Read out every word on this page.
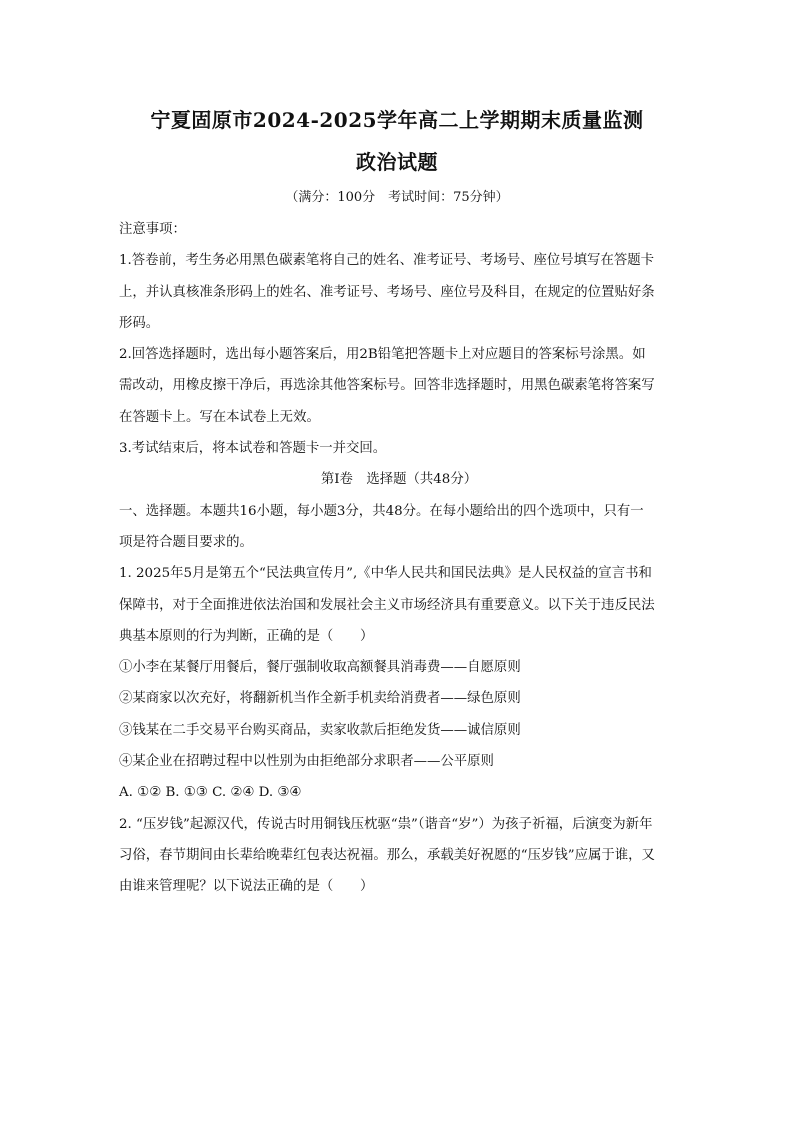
宁夏固原市2024-2025学年高二上学期期末质量监测
政治试题
（满分：100分　考试时间：75分钟）
注意事项：
1.答卷前，考生务必用黑色碳素笔将自己的姓名、准考证号、考场号、座位号填写在答题卡
上，并认真核准条形码上的姓名、准考证号、考场号、座位号及科目，在规定的位置贴好条
形码。
2.回答选择题时，选出每小题答案后，用2B铅笔把答题卡上对应题目的答案标号涂黑。如
需改动，用橡皮擦干净后，再选涂其他答案标号。回答非选择题时，用黑色碳素笔将答案写
在答题卡上。写在本试卷上无效。
3.考试结束后，将本试卷和答题卡一并交回。
第Ⅰ卷　选择题（共48分）
一、选择题。本题共16小题，每小题3分，共48分。在每小题给出的四个选项中，只有一
项是符合题目要求的。
1. 2025年5月是第五个“民法典宣传月”,《中华人民共和国民法典》是人民权益的宣言书和
保障书，对于全面推进依法治国和发展社会主义市场经济具有重要意义。以下关于违反民法
典基本原则的行为判断，正确的是（　　）
①小李在某餐厅用餐后，餐厅强制收取高额餐具消毒费——自愿原则
②某商家以次充好，将翻新机当作全新手机卖给消费者——绿色原则
③钱某在二手交易平台购买商品，卖家收款后拒绝发货——诚信原则
④某企业在招聘过程中以性别为由拒绝部分求职者——公平原则
A. ①② B. ①③ C. ②④ D. ③④
2. “压岁钱”起源汉代，传说古时用铜钱压枕驱“祟”（谐音“岁”）为孩子祈福，后演变为新年
习俗，春节期间由长辈给晚辈红包表达祝福。那么，承载美好祝愿的“压岁钱”应属于谁，又
由谁来管理呢？以下说法正确的是（　　）
